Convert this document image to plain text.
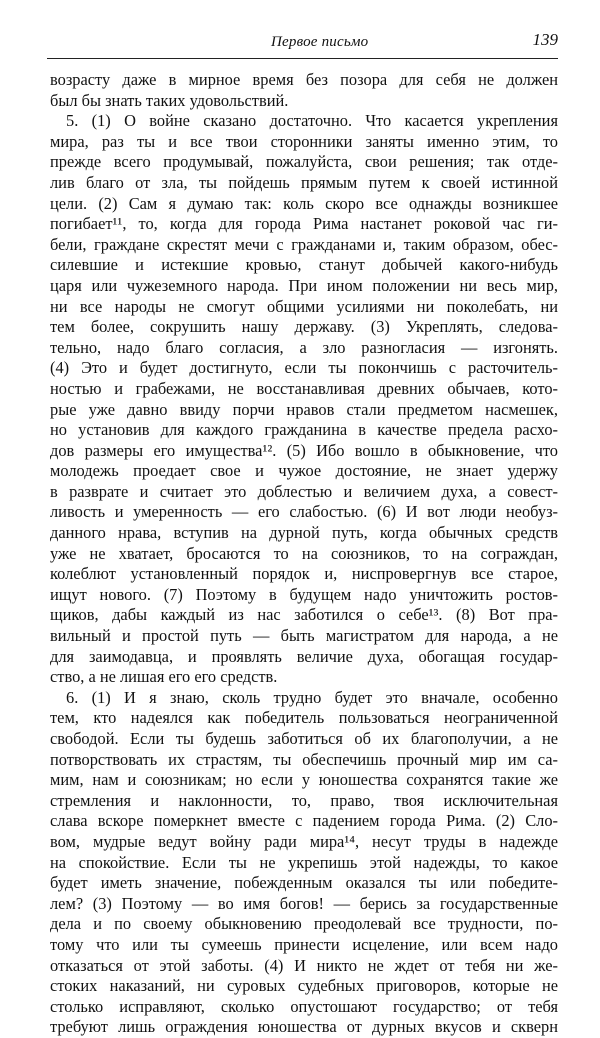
Первое письмо	139
возрасту даже в мирное время без позора для себя не должен
был бы знать таких удовольствий.
5. (1) О войне сказано достаточно. Что касается укрепления
мира, раз ты и все твои сторонники заняты именно этим, то
прежде всего продумывай, пожалуйста, свои решения; так отде-
лив благо от зла, ты пойдешь прямым путем к своей истинной
цели. (2) Сам я думаю так: коль скоро все однажды возникшее
погибает¹¹, то, когда для города Рима настанет роковой час ги-
бели, граждане скрестят мечи с гражданами и, таким образом, обес-
силевшие и истекшие кровью, станут добычей какого-нибудь
царя или чужеземного народа. При ином положении ни весь мир,
ни все народы не смогут общими усилиями ни поколебать, ни
тем более, сокрушить нашу державу. (3) Укреплять, следова-
тельно, надо благо согласия, а зло разногласия — изгонять.
(4) Это и будет достигнуто, если ты покончишь с расточитель-
ностью и грабежами, не восстанавливая древних обычаев, кото-
рые уже давно ввиду порчи нравов стали предметом насмешек,
но установив для каждого гражданина в качестве предела расхо-
дов размеры его имущества¹². (5) Ибо вошло в обыкновение, что
молодежь проедает свое и чужое достояние, не знает удержу
в разврате и считает это доблестью и величием духа, а совест-
ливость и умеренность — его слабостью. (6) И вот люди необуз-
данного нрава, вступив на дурной путь, когда обычных средств
уже не хватает, бросаются то на союзников, то на сограждан,
колеблют установленный порядок и, ниспровергнув все старое,
ищут нового. (7) Поэтому в будущем надо уничтожить ростов-
щиков, дабы каждый из нас заботился о себе¹³. (8) Вот пра-
вильный и простой путь — быть магистратом для народа, а не
для заимодавца, и проявлять величие духа, обогащая государ-
ство, а не лишая его его средств.
6. (1) И я знаю, сколь трудно будет это вначале, особенно
тем, кто надеялся как победитель пользоваться неограниченной
свободой. Если ты будешь заботиться об их благополучии, а не
потворствовать их страстям, ты обеспечишь прочный мир им са-
мим, нам и союзникам; но если у юношества сохранятся такие же
стремления и наклонности, то, право, твоя исключительная
слава вскоре померкнет вместе с падением города Рима. (2) Сло-
вом, мудрые ведут войну ради мира¹⁴, несут труды в надежде
на спокойствие. Если ты не укрепишь этой надежды, то какое
будет иметь значение, побежденным оказался ты или победите-
лем? (3) Поэтому — во имя богов! — берись за государственные
дела и по своему обыкновению преодолевай все трудности, по-
тому что или ты сумеешь принести исцеление, или всем надо
отказаться от этой заботы. (4) И никто не ждет от тебя ни же-
стоких наказаний, ни суровых судебных приговоров, которые не
столько исправляют, сколько опустошают государство; от тебя
требуют лишь ограждения юношества от дурных вкусов и скверн
